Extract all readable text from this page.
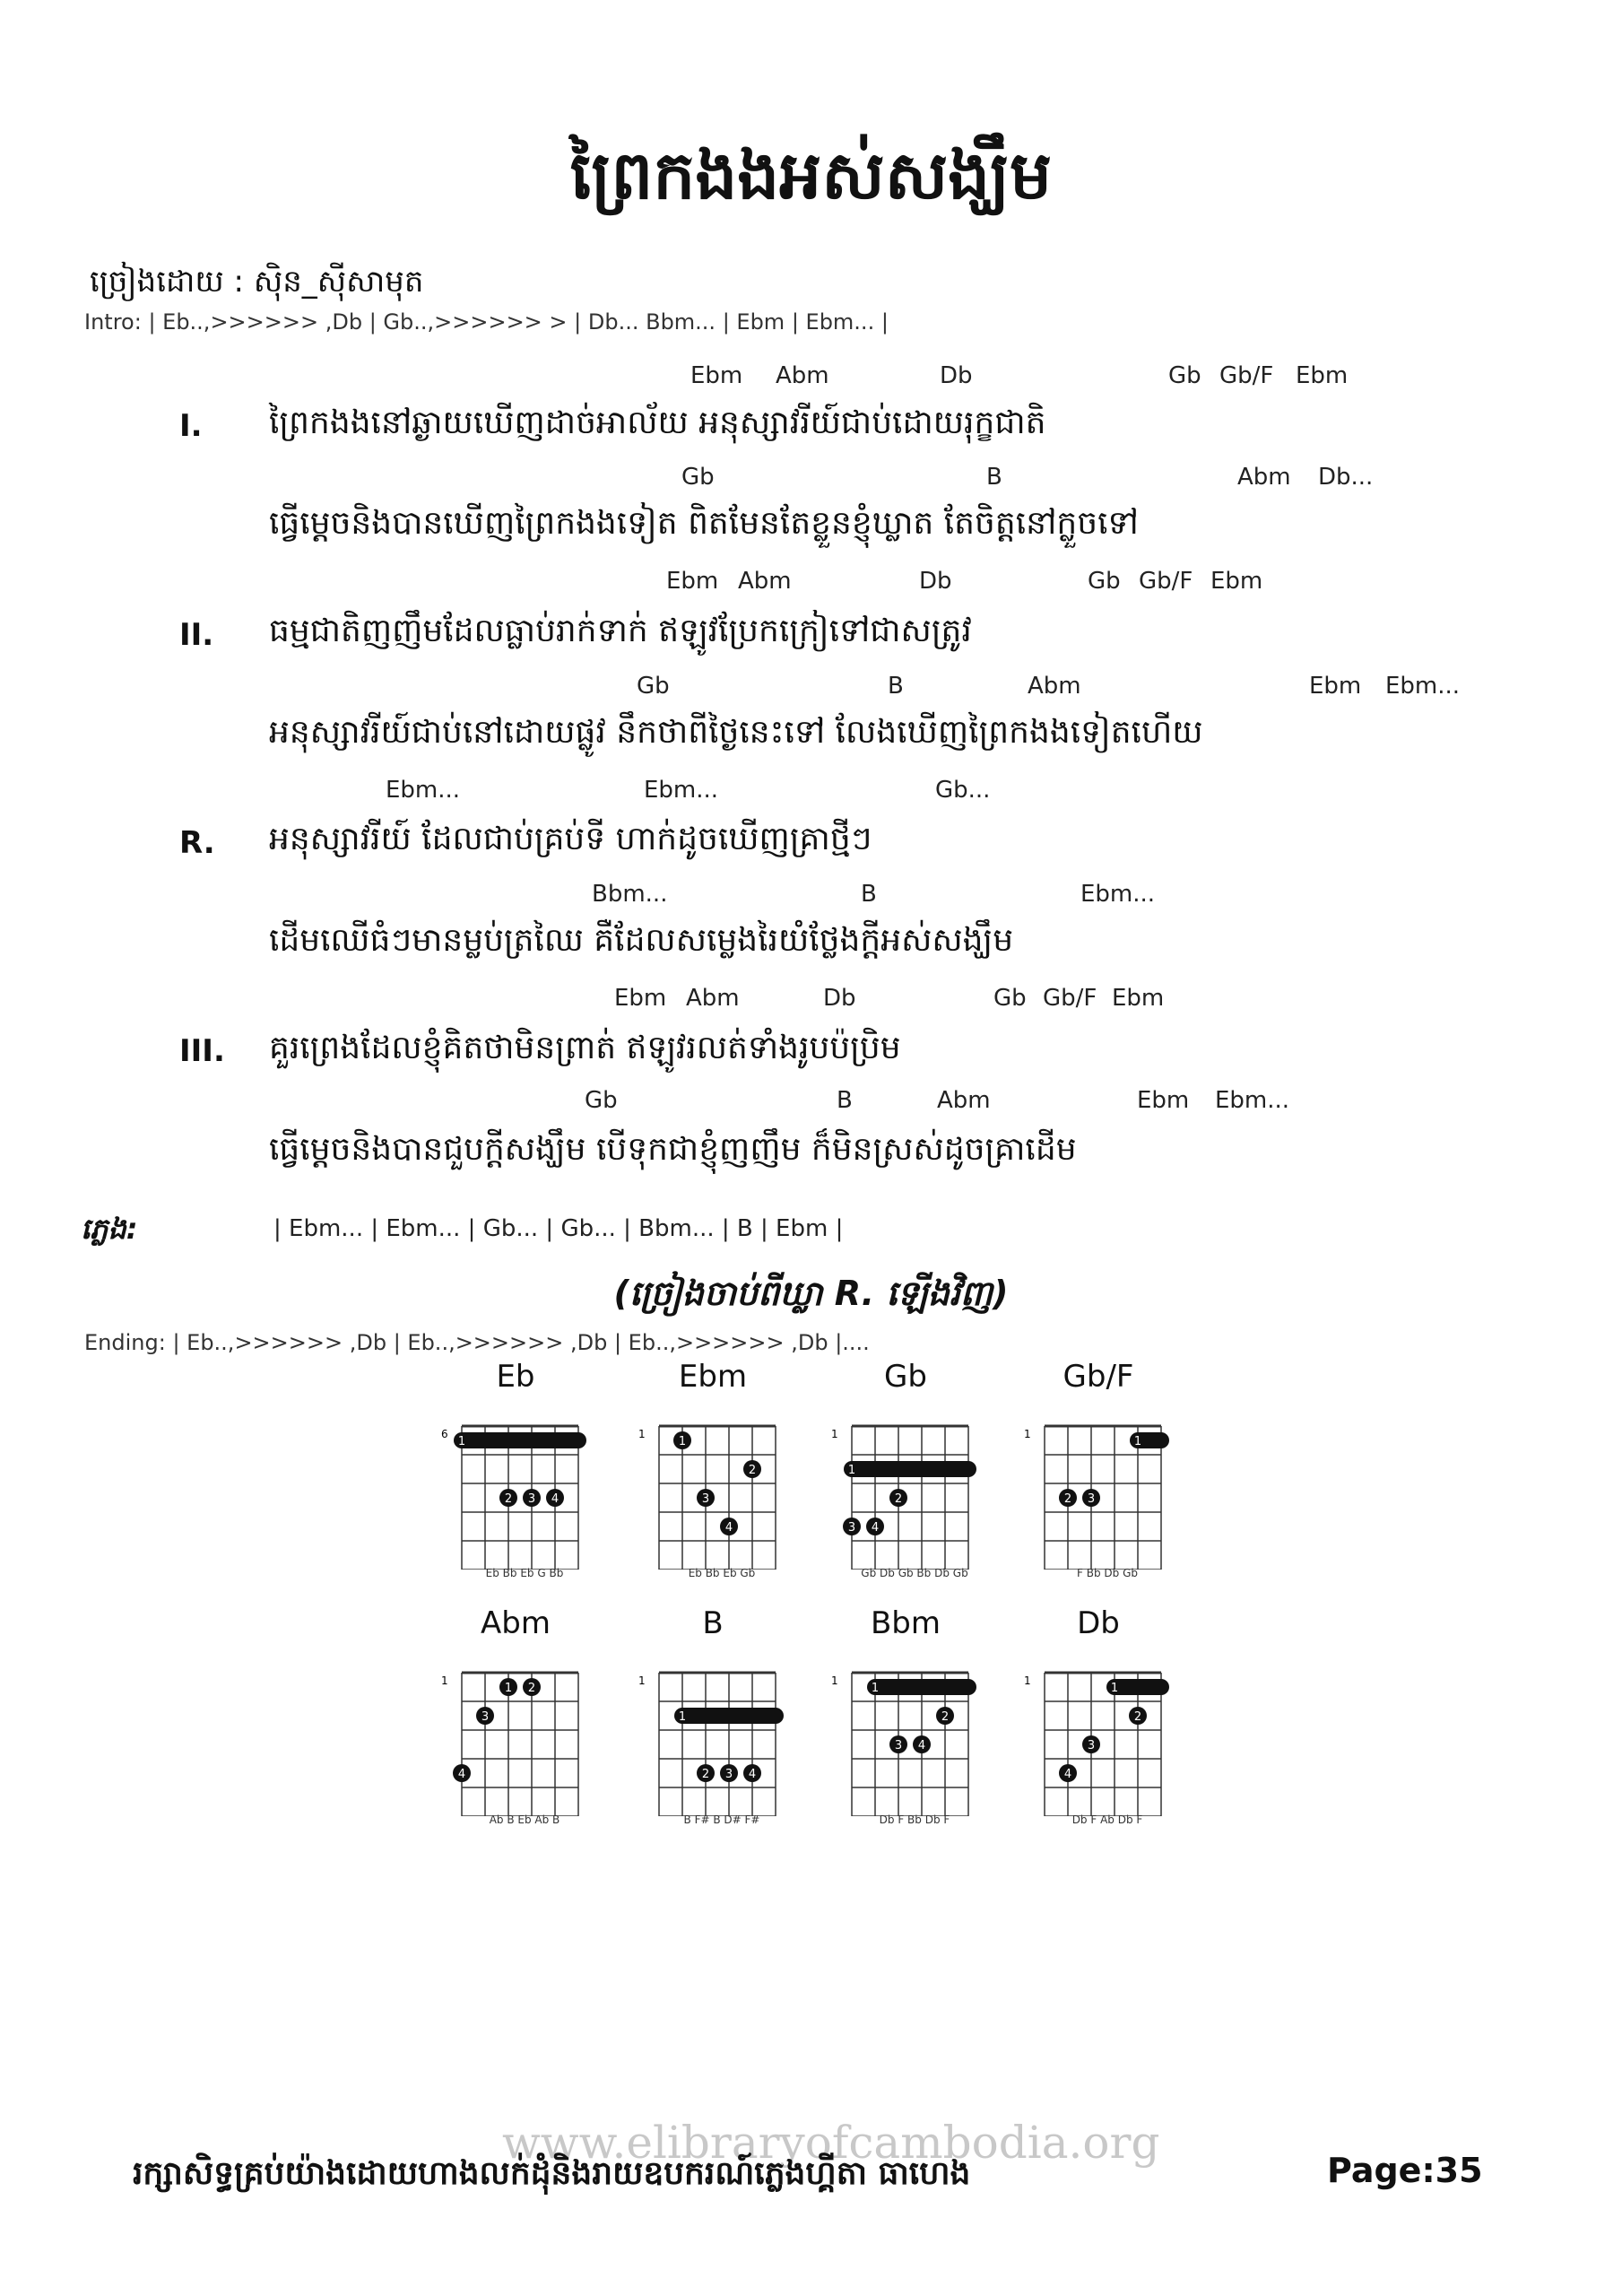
ព្រៃកងងអស់សង្ឃឹម
ច្រៀងដោយ : ស៊ិន_ស៊ីសាមុត
Intro: | Eb..,>>>>>> ,Db | Gb..,>>>>>> > | Db... Bbm... | Ebm | Ebm... |
I.
Ebm Abm	Db	Gb Gb/F Ebm
ព្រៃកងងនៅឆ្ងាយឃើញដាច់អាល័យ អនុស្សាវរីយ៍ជាប់ដោយរុក្ខជាតិ
Gb	B	Abm Db...
ធ្វើម្ដេចនិងបានឃើញព្រៃកងងទៀត ពិតមែនតែខ្លួនខ្ញុំឃ្លាត តែចិត្តនៅក្លួចទៅ
II.
Ebm Abm	Db	Gb Gb/F Ebm
ធម្មជាតិញញឹមដែលធ្លាប់រាក់ទាក់ ឥឡូវប្រែកក្រៀទៅជាសត្រូវ
Gb	B	Abm	Ebm Ebm...
អនុស្សាវរីយ៍ជាប់នៅដោយផ្លូវ នឹកថាពីថ្ងៃនេះទៅ លែងឃើញព្រៃកងងទៀតហើយ
R.
Ebm...	Ebm...	Gb...
អនុស្សាវរីយ៍ ដែលជាប់គ្រប់ទី ហាក់ដូចឃើញគ្រាថ្មីៗ
Bbm...	B	Ebm...
ដើមឈើធំៗមានម្លប់ត្រឈៃ គឺដែលសម្លេងរៃយំថ្លែងក្ដីអស់សង្ឃឹម
III.
Ebm Abm	Db	Gb Gb/F Ebm
គួរព្រេងដែលខ្ញុំគិតថាមិនព្រាត់ ឥឡូវរលត់ទាំងរូបប៉ប្រិម
Gb	B	Abm	Ebm Ebm...
ធ្វើម្ដេចនិងបានជួបក្ដីសង្ឃឹម បើទុកជាខ្ញុំញញឹម ក៏មិនស្រស់ដូចគ្រាដើម
ភ្លេង:	| Ebm... | Ebm... | Gb... | Gb... | Bbm... | B | Ebm |
(ច្រៀងចាប់ពីឃ្លា R. ឡើងវិញ)
Ending: | Eb..,>>>>>> ,Db | Eb..,>>>>>> ,Db | Eb..,>>>>>> ,Db |....
Eb
6
1
2 3 4
Eb Bb Eb G Bb
Ebm
1
1
2
3
4
Eb Bb Eb Gb
Gb
1
1
2
3 4
Gb Db Gb Bb Db Gb
Gb/F
1
1
2 3
F Bb Db Gb
Abm
1
1 2
3
4
Ab B Eb Ab B
B
1
1
2 3 4
B F# B D# F#
Bbm
1
1
2
3 4
Db F Bb Db F
Db
1
1
2
3
4
Db F Ab Db F
www.elibraryofcambodia.org
រក្សាសិទ្ធគ្រប់យ៉ាងដោយហាងលក់ដុំនិងរាយឧបករណ៍ភ្លេងហ្គីតា ធាហេង	Page:35
